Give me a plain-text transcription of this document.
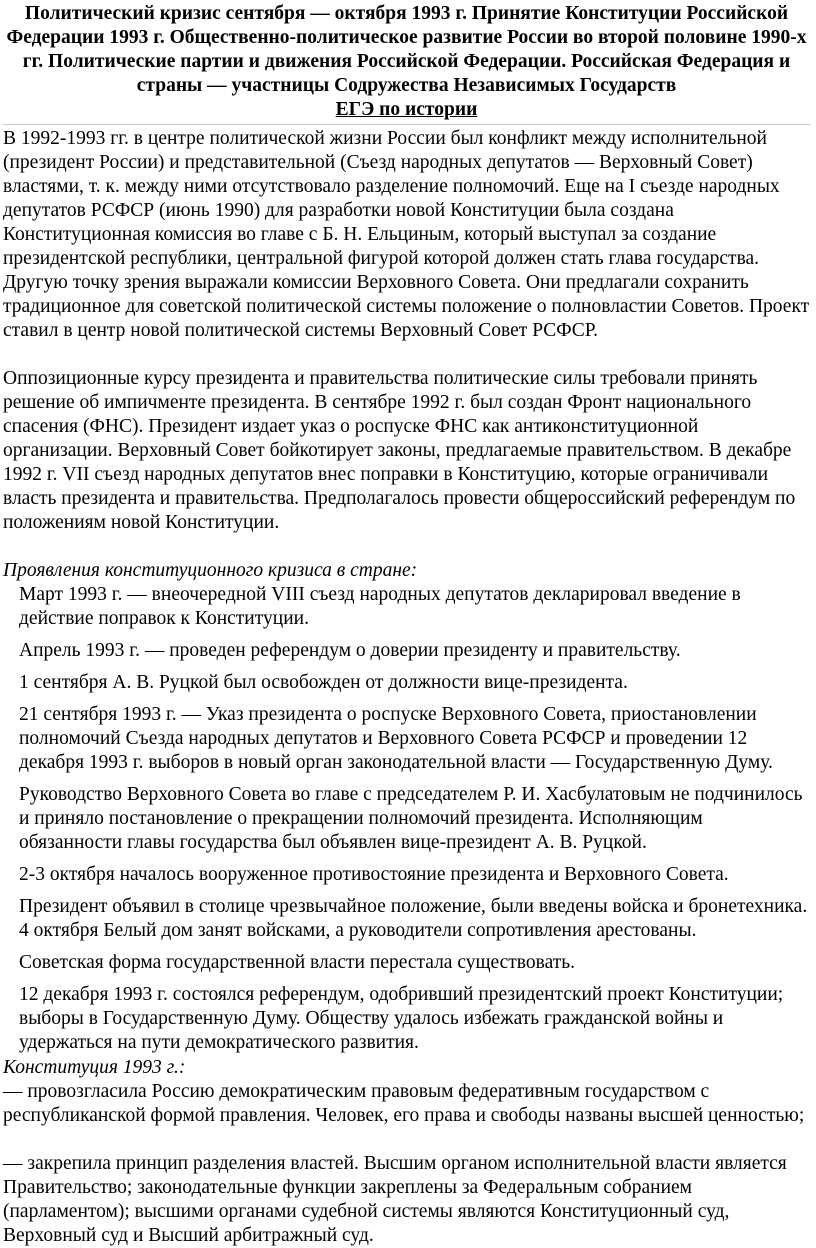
Политический кризис сентября — октября 1993 г. Принятие Конституции Российской Федерации 1993 г. Общественно-политическое развитие России во второй половине 1990-х гг. Политические партии и движения Российской Федерации. Российская Федерация и страны — участницы Содружества Независимых Государств
ЕГЭ по истории

В 1992-1993 гг. в центре политической жизни России был конфликт между исполнительной (президент России) и представительной (Съезд народных депутатов — Верховный Совет) властями, т. к. между ними отсутствовало разделение полномочий. Еще на I съезде народных депутатов РСФСР (июнь 1990) для разработки новой Конституции была создана Конституционная комиссия во главе с Б. Н. Ельциным, который выступал за создание президентской республики, центральной фигурой которой должен стать глава государства. Другую точку зрения выражали комиссии Верховного Совета. Они предлагали сохранить традиционное для советской политической системы положение о полновластии Советов. Проект ставил в центр новой политической системы Верховный Совет РСФСР.

Оппозиционные курсу президента и правительства политические силы требовали принять решение об импичменте президента. В сентябре 1992 г. был создан Фронт национального спасения (ФНС). Президент издает указ о роспуске ФНС как антиконституционной организации. Верховный Совет бойкотирует законы, предлагаемые правительством. В декабре 1992 г. VII съезд народных депутатов внес поправки в Конституцию, которые ограничивали власть президента и правительства. Предполагалось провести общероссийский референдум по положениям новой Конституции.

Проявления конституционного кризиса в стране:

Март 1993 г. — внеочередной VIII съезд народных депутатов декларировал введение в действие поправок к Конституции.

Апрель 1993 г. — проведен референдум о доверии президенту и правительству.

1 сентября А. В. Руцкой был освобожден от должности вице-президента.

21 сентября 1993 г. — Указ президента о роспуске Верховного Совета, приостановлении полномочий Съезда народных депутатов и Верховного Совета РСФСР и проведении 12 декабря 1993 г. выборов в новый орган законодательной власти — Государственную Думу.

Руководство Верховного Совета во главе с председателем Р. И. Хасбулатовым не подчинилось и приняло постановление о прекращении полномочий президента. Исполняющим обязанности главы государства был объявлен вице-президент А. В. Руцкой.

2-3 октября началось вооруженное противостояние президента и Верховного Совета.

Президент объявил в столице чрезвычайное положение, были введены войска и бронетехника. 4 октября Белый дом занят войсками, а руководители сопротивления арестованы.

Советская форма государственной власти перестала существовать.

12 декабря 1993 г. состоялся референдум, одобривший президентский проект Конституции; выборы в Государственную Думу. Обществу удалось избежать гражданской войны и удержаться на пути демократического развития.

Конституция 1993 г.:

— провозгласила Россию демократическим правовым федеративным государством с республиканской формой правления. Человек, его права и свободы названы высшей ценностью;

— закрепила принцип разделения властей. Высшим органом исполнительной власти является Правительство; законодательные функции закреплены за Федеральным собранием (парламентом); высшими органами судебной системы являются Конституционный суд, Верховный суд и Высший арбитражный суд.
